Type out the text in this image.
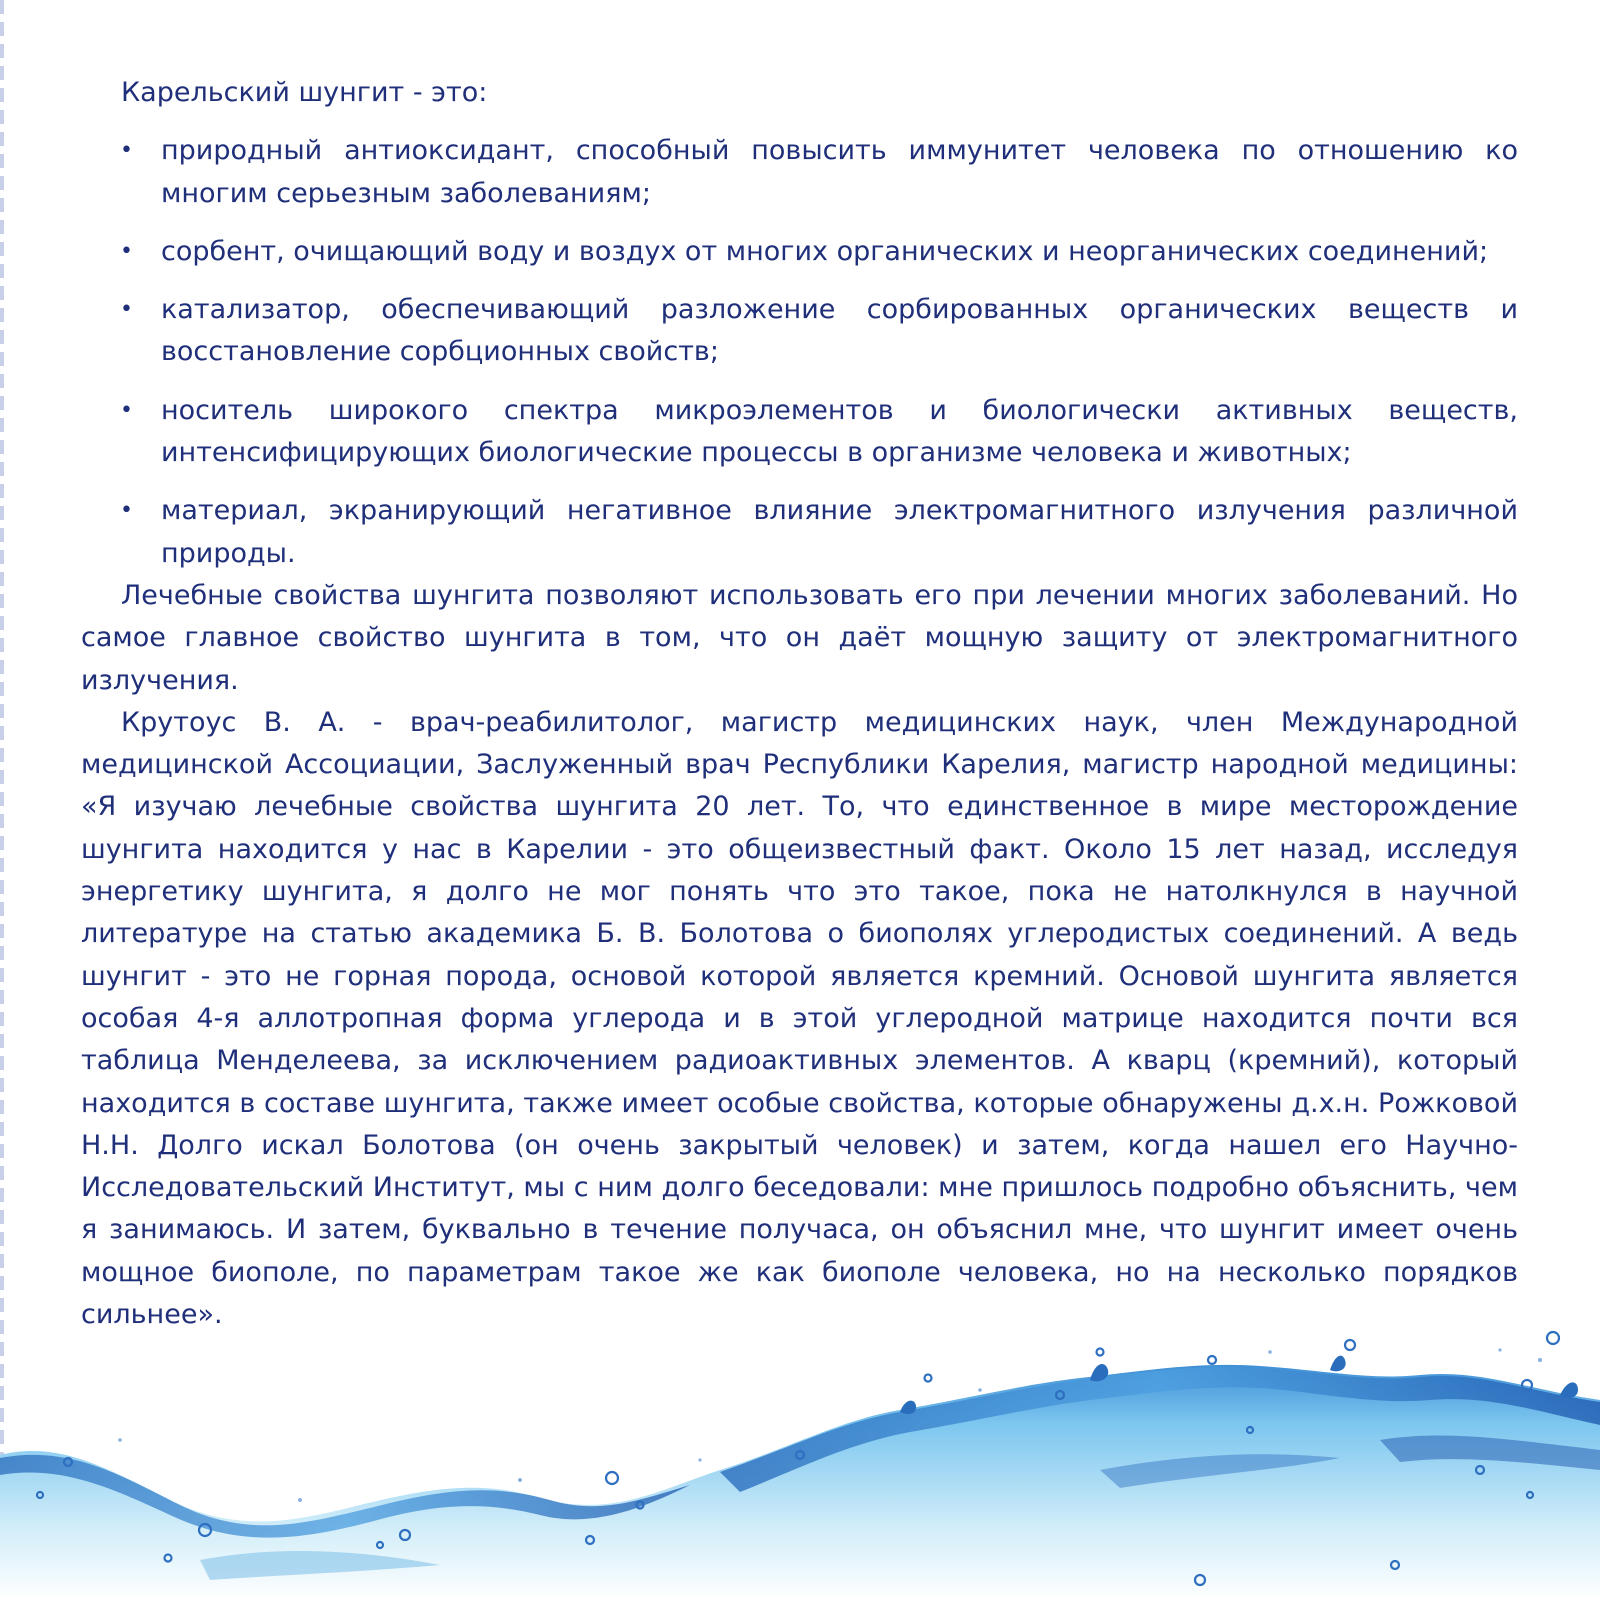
Карельский шунгит - это:

• природный антиоксидант, способный повысить иммунитет человека по отношению ко многим серьезным заболеваниям;
• сорбент, очищающий воду и воздух от многих органических и неорганических соединений;
• катализатор, обеспечивающий разложение сорбированных органических веществ и восстановление сорбционных свойств;
• носитель широкого спектра микроэлементов и биологически активных веществ, интенсифицирующих биологические процессы в организме человека и животных;
• материал, экранирующий негативное влияние электромагнитного излучения различной природы.

Лечебные свойства шунгита позволяют использовать его при лечении многих заболеваний. Но самое главное свойство шунгита в том, что он даёт мощную защиту от электромагнитного излучения.

Крутоус В. А. - врач-реабилитолог, магистр медицинских наук, член Международной медицинской Ассоциации, Заслуженный врач Республики Карелия, магистр народной медицины: «Я изучаю лечебные свойства шунгита 20 лет. То, что единственное в мире месторождение шунгита находится у нас в Карелии - это общеизвестный факт. Около 15 лет назад, исследуя энергетику шунгита, я долго не мог понять что это такое, пока не натолкнулся в научной литературе на статью академика Б. В. Болотова о биополях углеродистых соединений. А ведь шунгит - это не горная порода, основой которой является кремний. Основой шунгита является особая 4-я аллотропная форма углерода и в этой углеродной матрице находится почти вся таблица Менделеева, за исключением радиоактивных элементов. А кварц (кремний), который находится в составе шунгита, также имеет особые свойства, которые обнаружены д.х.н. Рожковой Н.Н. Долго искал Болотова (он очень закрытый человек) и затем, когда нашел его Научно-Исследовательский Институт, мы с ним долго беседовали: мне пришлось подробно объяснить, чем я занимаюсь. И затем, буквально в течение получаса, он объяснил мне, что шунгит имеет очень мощное биополе, по параметрам такое же как биополе человека, но на несколько порядков сильнее».
